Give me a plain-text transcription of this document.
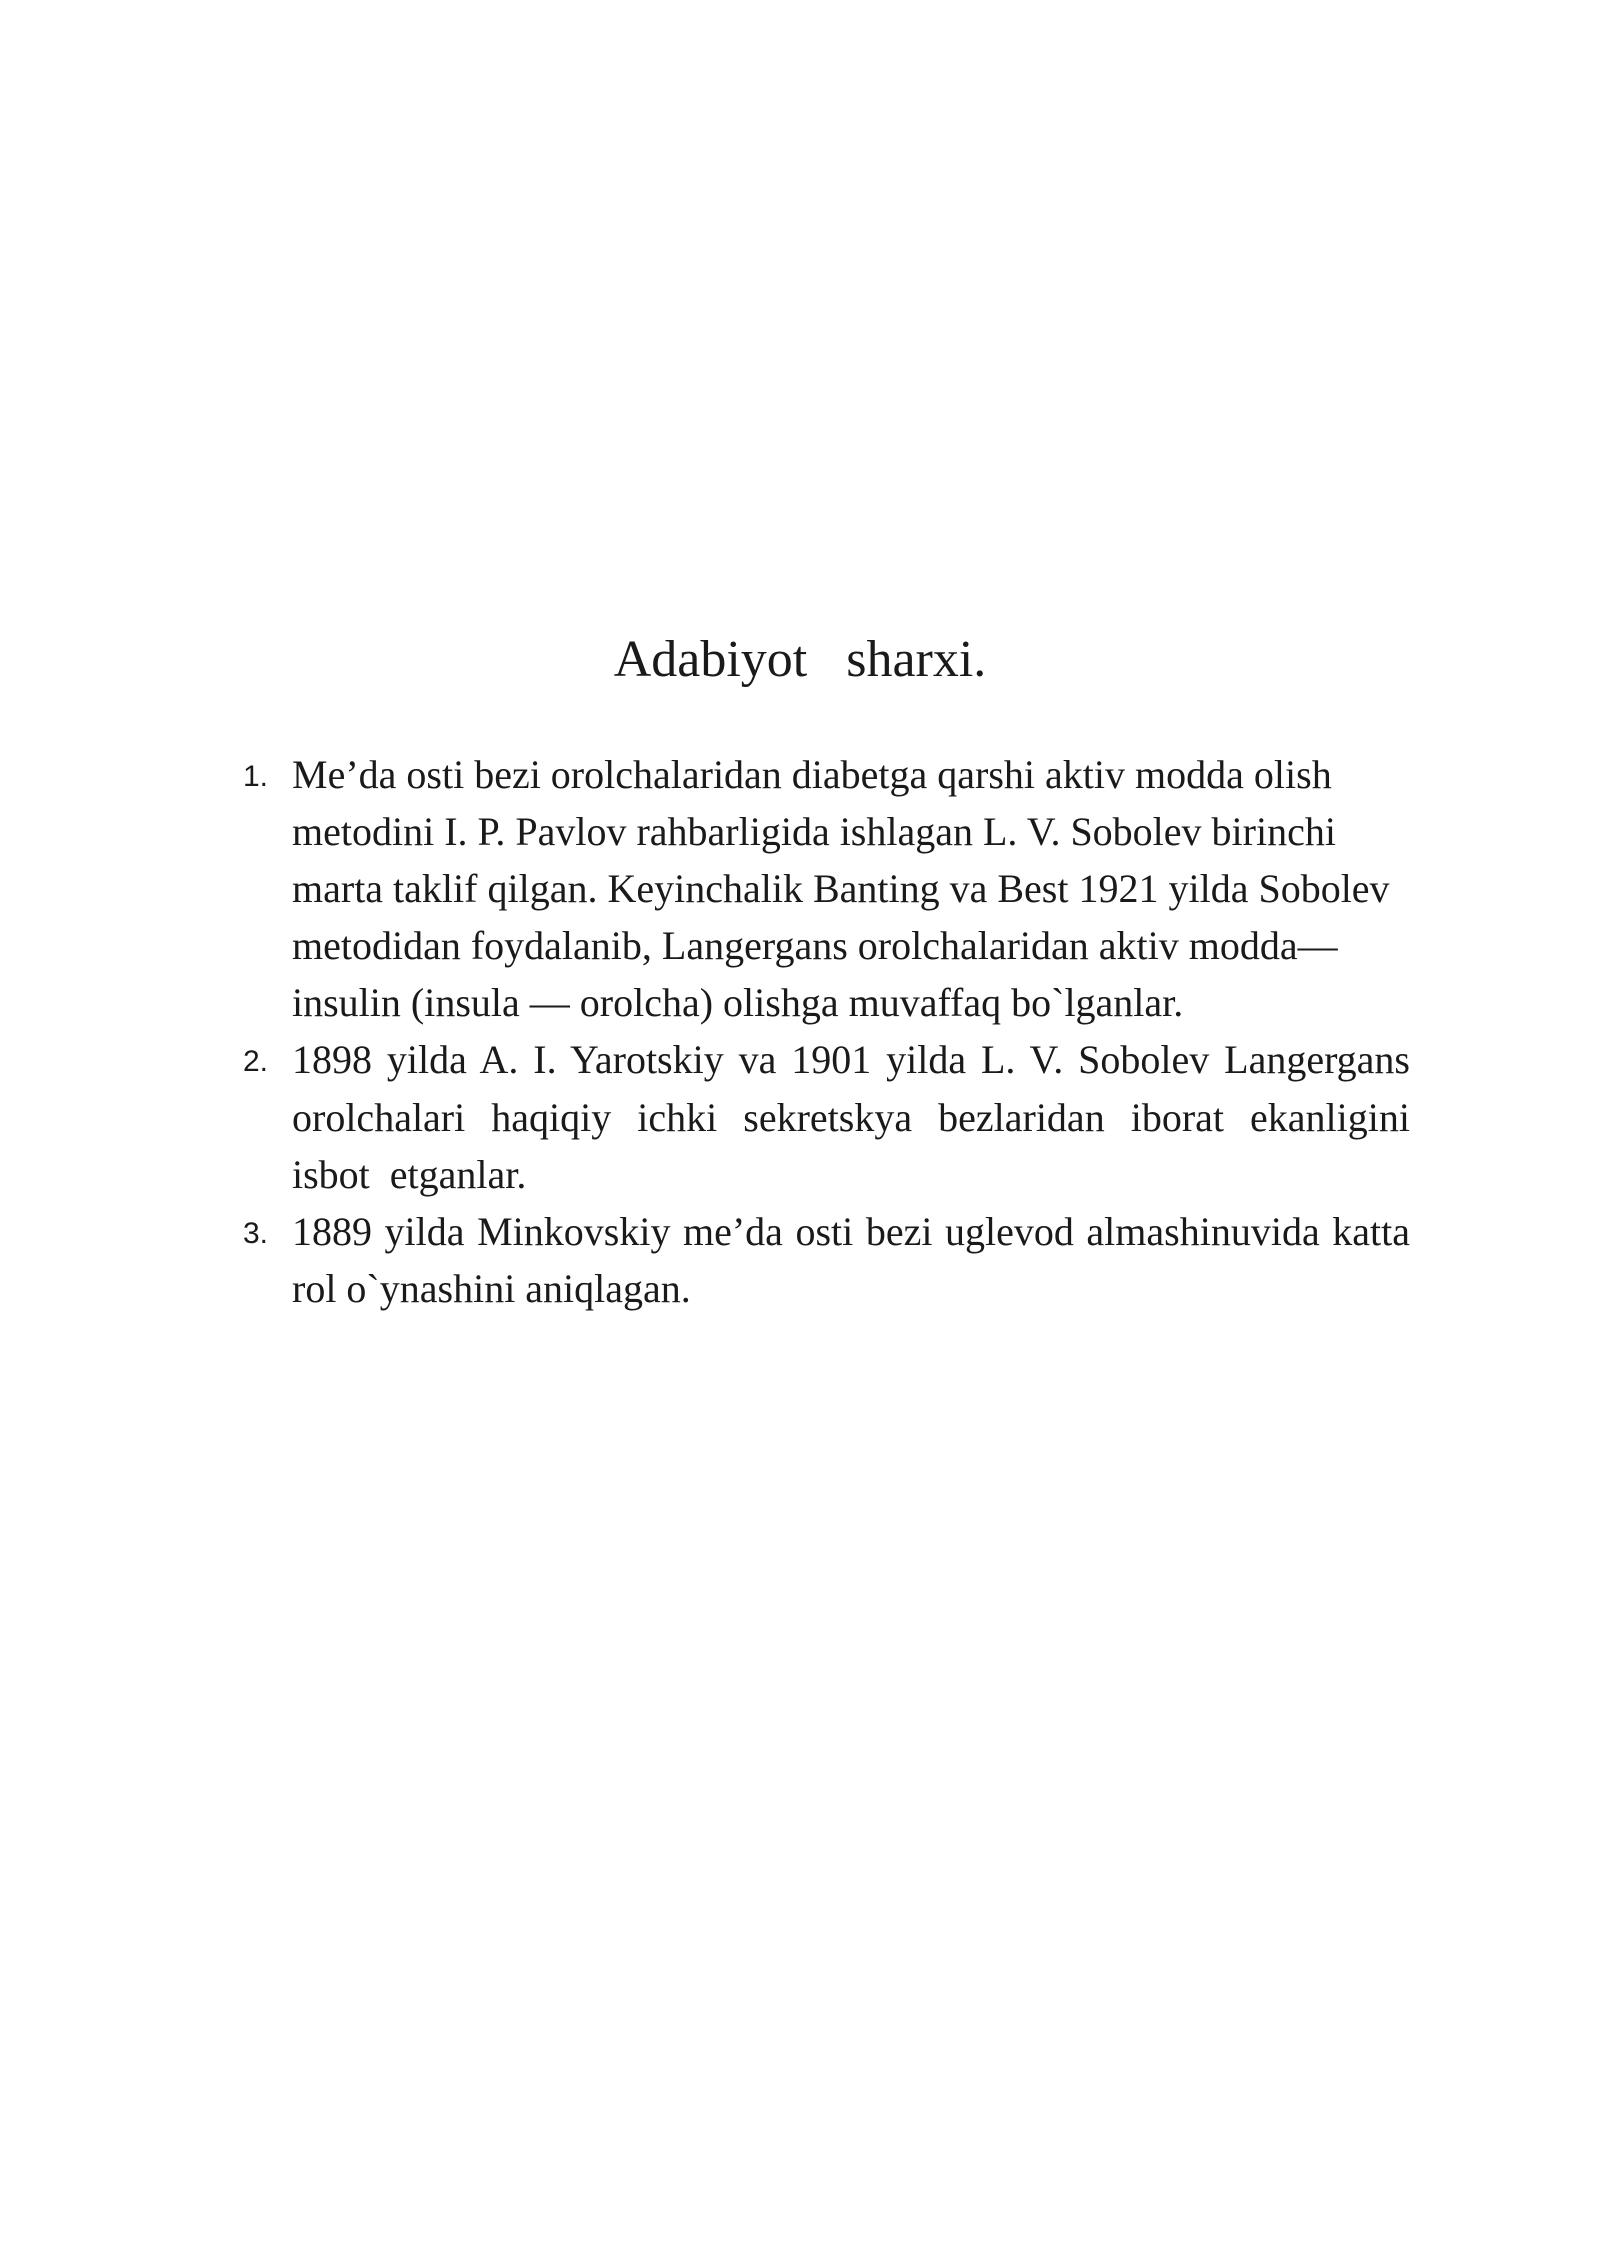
Adabiyot   sharxi.
1. Me’da osti bezi orolchalaridan diabetga qarshi aktiv modda olish metodini I. P. Pavlov rahbarligida ishlagan L. V. Sobolev birinchi marta taklif qilgan. Keyinchalik Banting va Best 1921 yilda Sobolev metodidan foydalanib, Langergans orolchalaridan aktiv modda—insulin (insula — orolcha) olishga muvaffaq bo`lganlar.
2. 1898 yilda A. I. Yarotskiy va 1901 yilda L. V. Sobolev Langergans orolchalari haqiqiy ichki sekretskya bezlaridan iborat ekanligini   isbot  etganlar.
3. 1889 yilda Minkovskiy me’da osti bezi uglevod almashinuvida katta rol o`ynashini aniqlagan.
